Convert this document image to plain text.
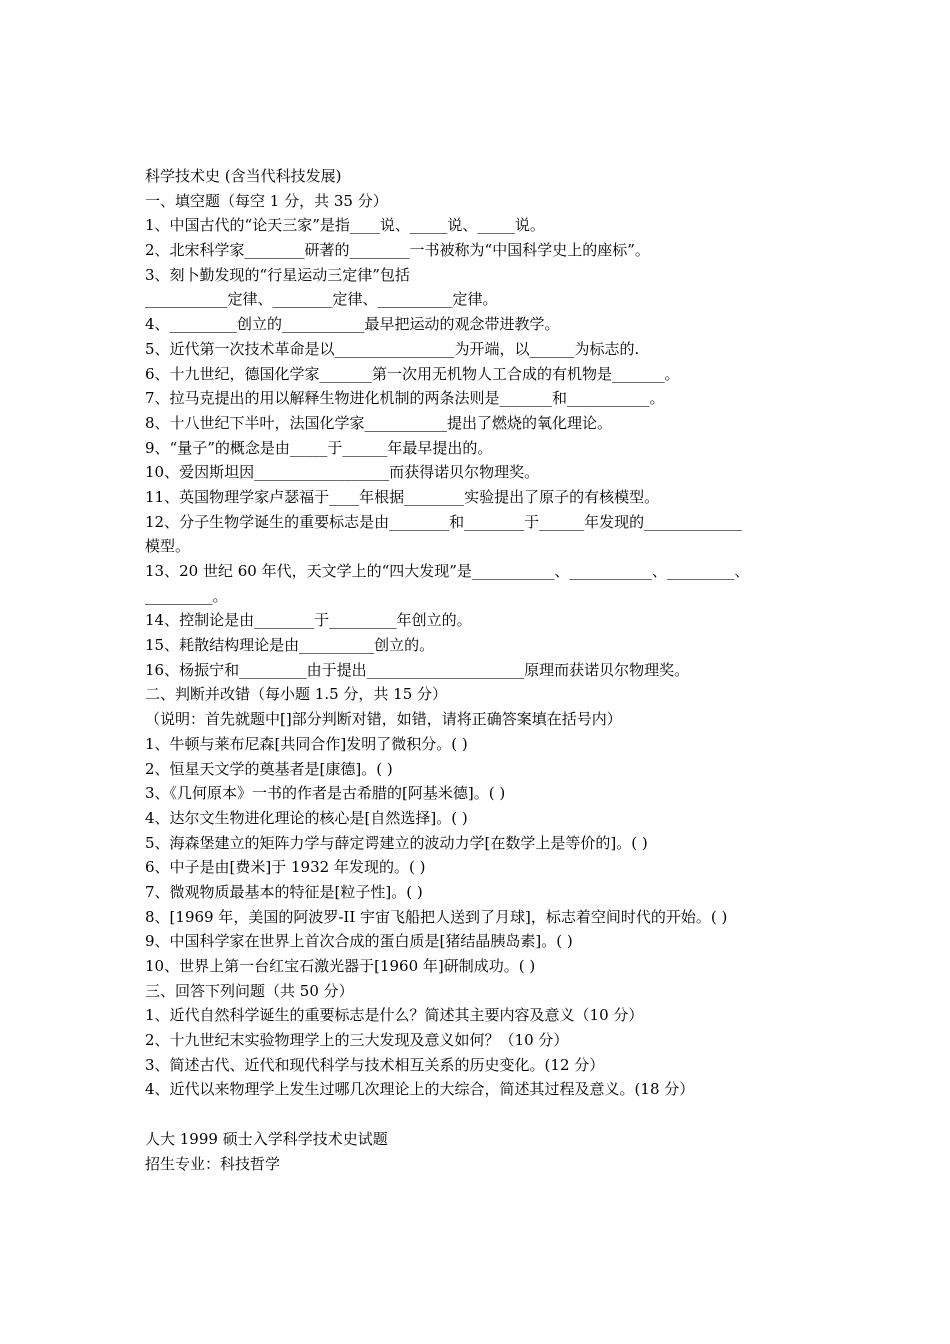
科学技术史 (含当代科技发展)
一、填空题（每空 1 分，共 35 分）
1、中国古代的“论天三家”是指____说、_____说、_____说。
2、北宋科学家________研著的________一书被称为“中国科学史上的座标”。
3、刻卜勤发现的“行星运动三定律”包括
___________定律、________定律、__________定律。
4、_________创立的___________最早把运动的观念带进教学。
5、近代第一次技术革命是以________________为开端，以______为标志的.
6、十九世纪，德国化学家_______第一次用无机物人工合成的有机物是_______。
7、拉马克提出的用以解释生物进化机制的两条法则是_______和___________。
8、十八世纪下半叶，法国化学家___________提出了燃烧的氧化理论。
9、“量子”的概念是由_____于______年最早提出的。
10、爱因斯坦因__________________而获得诺贝尔物理奖。
11、英国物理学家卢瑟福于____年根据________实验提出了原子的有核模型。
12、分子生物学诞生的重要标志是由________和________于______年发现的_____________
模型。
13、20 世纪 60 年代，天文学上的“四大发现”是___________、___________、_________、
_________。
14、控制论是由________于_________年创立的。
15、耗散结构理论是由__________创立的。
16、杨振宁和_________由于提出_____________________原理而获诺贝尔物理奖。
二、判断并改错（每小题 1.5 分，共 15 分）
（说明：首先就题中[]部分判断对错，如错，请将正确答案填在括号内）
1、牛顿与莱布尼森[共同合作]发明了微积分。( )
2、恒星天文学的奠基者是[康德]。( )
3、《几何原本》一书的作者是古希腊的[阿基米德]。( )
4、达尔文生物进化理论的核心是[自然选择]。( )
5、海森堡建立的矩阵力学与薛定谔建立的波动力学[在数学上是等价的]。( )
6、中子是由[费米]于 1932 年发现的。( )
7、微观物质最基本的特征是[粒子性]。( )
8、[1969 年，美国的阿波罗-II 宇宙飞船把人送到了月球]，标志着空间时代的开始。( )
9、中国科学家在世界上首次合成的蛋白质是[猪结晶胰岛素]。( )
10、世界上第一台红宝石激光器于[1960 年]研制成功。( )
三、回答下列问题（共 50 分）
1、近代自然科学诞生的重要标志是什么？简述其主要内容及意义（10 分）
2、十九世纪末实验物理学上的三大发现及意义如何？（10 分）
3、简述古代、近代和现代科学与技术相互关系的历史变化。(12 分）
4、近代以来物理学上发生过哪几次理论上的大综合，简述其过程及意义。(18 分）
人大 1999 硕士入学科学技术史试题
招生专业：科技哲学
